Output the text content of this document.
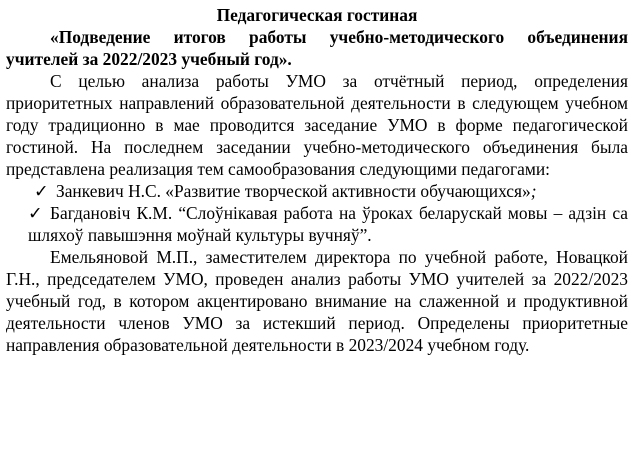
Педагогическая гостиная

«Подведение итогов работы учебно-методического объединения учителей за 2022/2023 учебный год».

С целью анализа работы УМО за отчётный период, определения приоритетных направлений образовательной деятельности в следующем учебном году традиционно в мае проводится заседание УМО в форме педагогической гостиной. На последнем заседании учебно-методического объединения была представлена реализация тем самообразования следующими педагогами:

✓ Занкевич Н.С. «Развитие творческой активности обучающихся»;
✓ Багдановіч К.М. “Слоўнікавая работа на ўроках беларускай мовы – адзін са шляхоў павышэння моўнай культуры вучняў”.

Емельяновой М.П., заместителем директора по учебной работе, Новацкой Г.Н., председателем УМО, проведен анализ работы УМО учителей за 2022/2023 учебный год, в котором акцентировано внимание на слаженной и продуктивной деятельности членов УМО за истекший период. Определены приоритетные направления образовательной деятельности в 2023/2024 учебном году.
